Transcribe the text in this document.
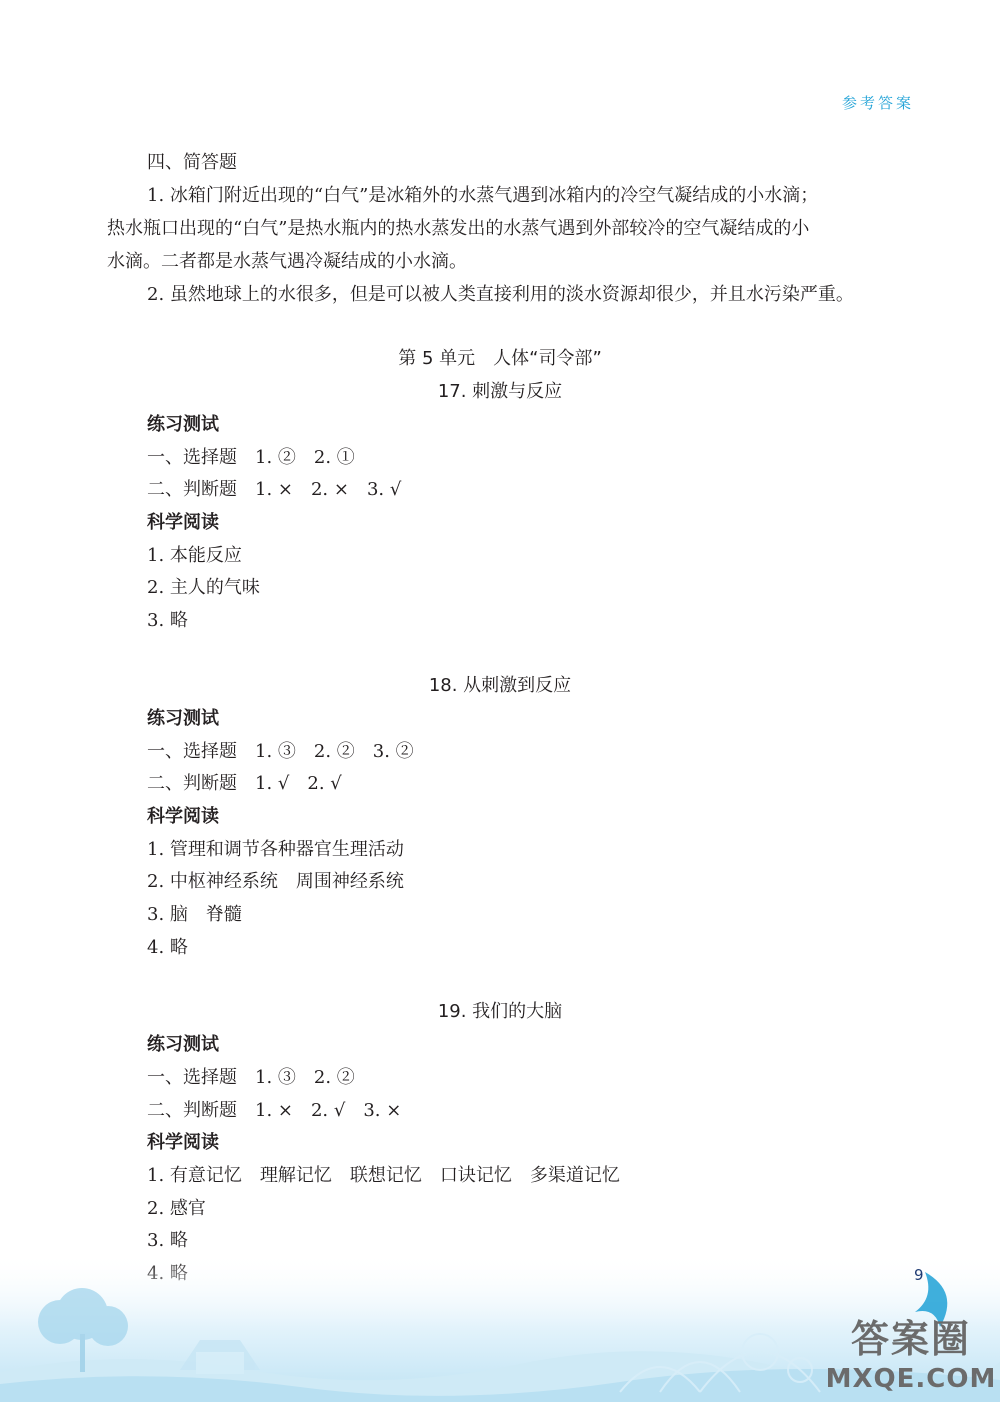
参考答案
四、简答题
1. 冰箱门附近出现的“白气”是冰箱外的水蒸气遇到冰箱内的冷空气凝结成的小水滴；
热水瓶口出现的“白气”是热水瓶内的热水蒸发出的水蒸气遇到外部较冷的空气凝结成的小
水滴。二者都是水蒸气遇冷凝结成的小水滴。
2. 虽然地球上的水很多，但是可以被人类直接利用的淡水资源却很少，并且水污染严重。
第 5 单元　人体“司令部”
17. 刺激与反应
练习测试
一、选择题　1. ②　2. ①
二、判断题　1. ×　2. ×　3. √
科学阅读
1. 本能反应
2. 主人的气味
3. 略
18. 从刺激到反应
练习测试
一、选择题　1. ③　2. ②　3. ②
二、判断题　1. √　2. √
科学阅读
1. 管理和调节各种器官生理活动
2. 中枢神经系统　周围神经系统
3. 脑　脊髓
4. 略
19. 我们的大脑
练习测试
一、选择题　1. ③　2. ②
二、判断题　1. ×　2. √　3. ×
科学阅读
1. 有意记忆　理解记忆　联想记忆　口诀记忆　多渠道记忆
2. 感官
3. 略
9
答案圈
MXQE.COM
